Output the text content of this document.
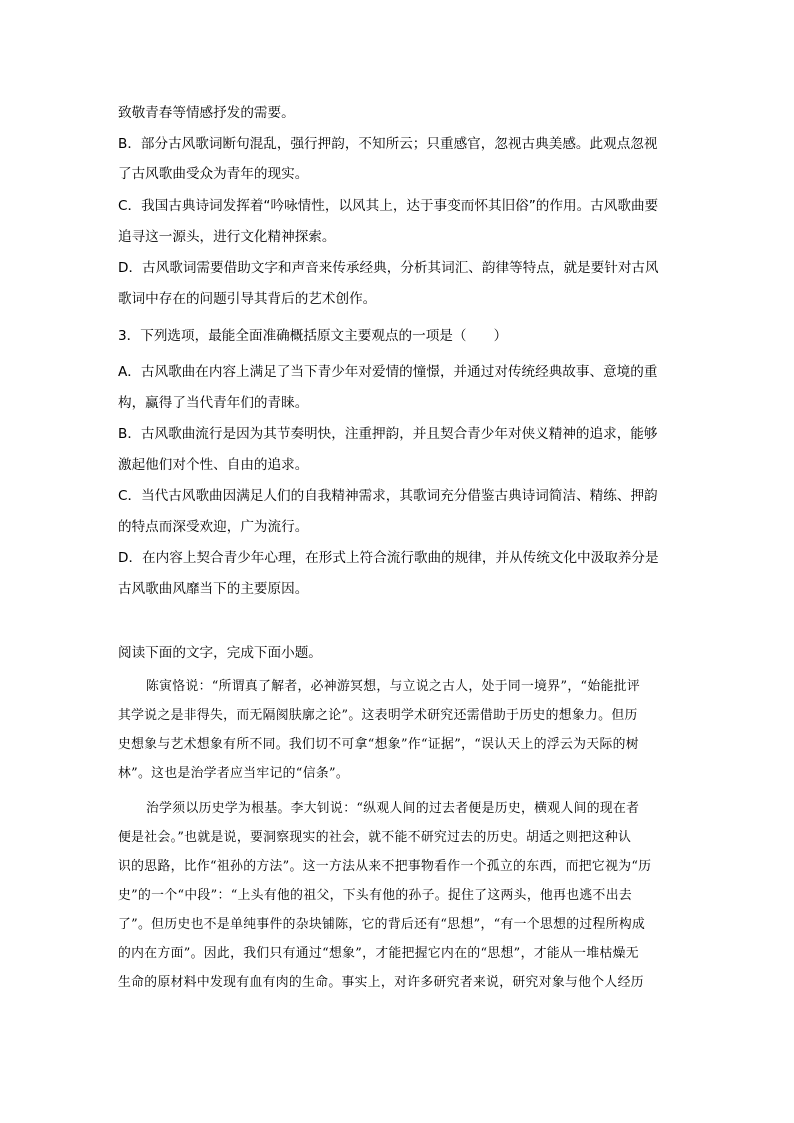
致敬青春等情感抒发的需要。
B．部分古风歌词断句混乱，强行押韵，不知所云；只重感官，忽视古典美感。此观点忽视
了古风歌曲受众为青年的现实。
C．我国古典诗词发挥着“吟咏情性，以风其上，达于事变而怀其旧俗”的作用。古风歌曲要
追寻这一源头，进行文化精神探索。
D．古风歌词需要借助文字和声音来传承经典，分析其词汇、韵律等特点，就是要针对古风
歌词中存在的问题引导其背后的艺术创作。
3．下列选项，最能全面准确概括原文主要观点的一项是（　　）
A．古风歌曲在内容上满足了当下青少年对爱情的憧憬，并通过对传统经典故事、意境的重
构，赢得了当代青年们的青睐。
B．古风歌曲流行是因为其节奏明快，注重押韵，并且契合青少年对侠义精神的追求，能够
激起他们对个性、自由的追求。
C．当代古风歌曲因满足人们的自我精神需求，其歌词充分借鉴古典诗词简洁、精练、押韵
的特点而深受欢迎，广为流行。
D．在内容上契合青少年心理，在形式上符合流行歌曲的规律，并从传统文化中汲取养分是
古风歌曲风靡当下的主要原因。
阅读下面的文字，完成下面小题。
陈寅恪说：“所谓真了解者，必神游冥想，与立说之古人，处于同一境界”，“始能批评
其学说之是非得失，而无隔阂肤廓之论”。这表明学术研究还需借助于历史的想象力。但历
史想象与艺术想象有所不同。我们切不可拿“想象”作“证据”，“误认天上的浮云为天际的树
林”。这也是治学者应当牢记的“信条”。
治学须以历史学为根基。李大钊说：“纵观人间的过去者便是历史，横观人间的现在者
便是社会。”也就是说，要洞察现实的社会，就不能不研究过去的历史。胡适之则把这种认
识的思路，比作“祖孙的方法”。这一方法从来不把事物看作一个孤立的东西，而把它视为“历
史”的一个“中段”：“上头有他的祖父，下头有他的孙子。捉住了这两头，他再也逃不出去
了”。但历史也不是单纯事件的杂块铺陈，它的背后还有“思想”，“有一个思想的过程所构成
的内在方面”。因此，我们只有通过“想象”，才能把握它内在的“思想”，才能从一堆枯燥无
生命的原材料中发现有血有肉的生命。事实上，对许多研究者来说，研究对象与他个人经历
